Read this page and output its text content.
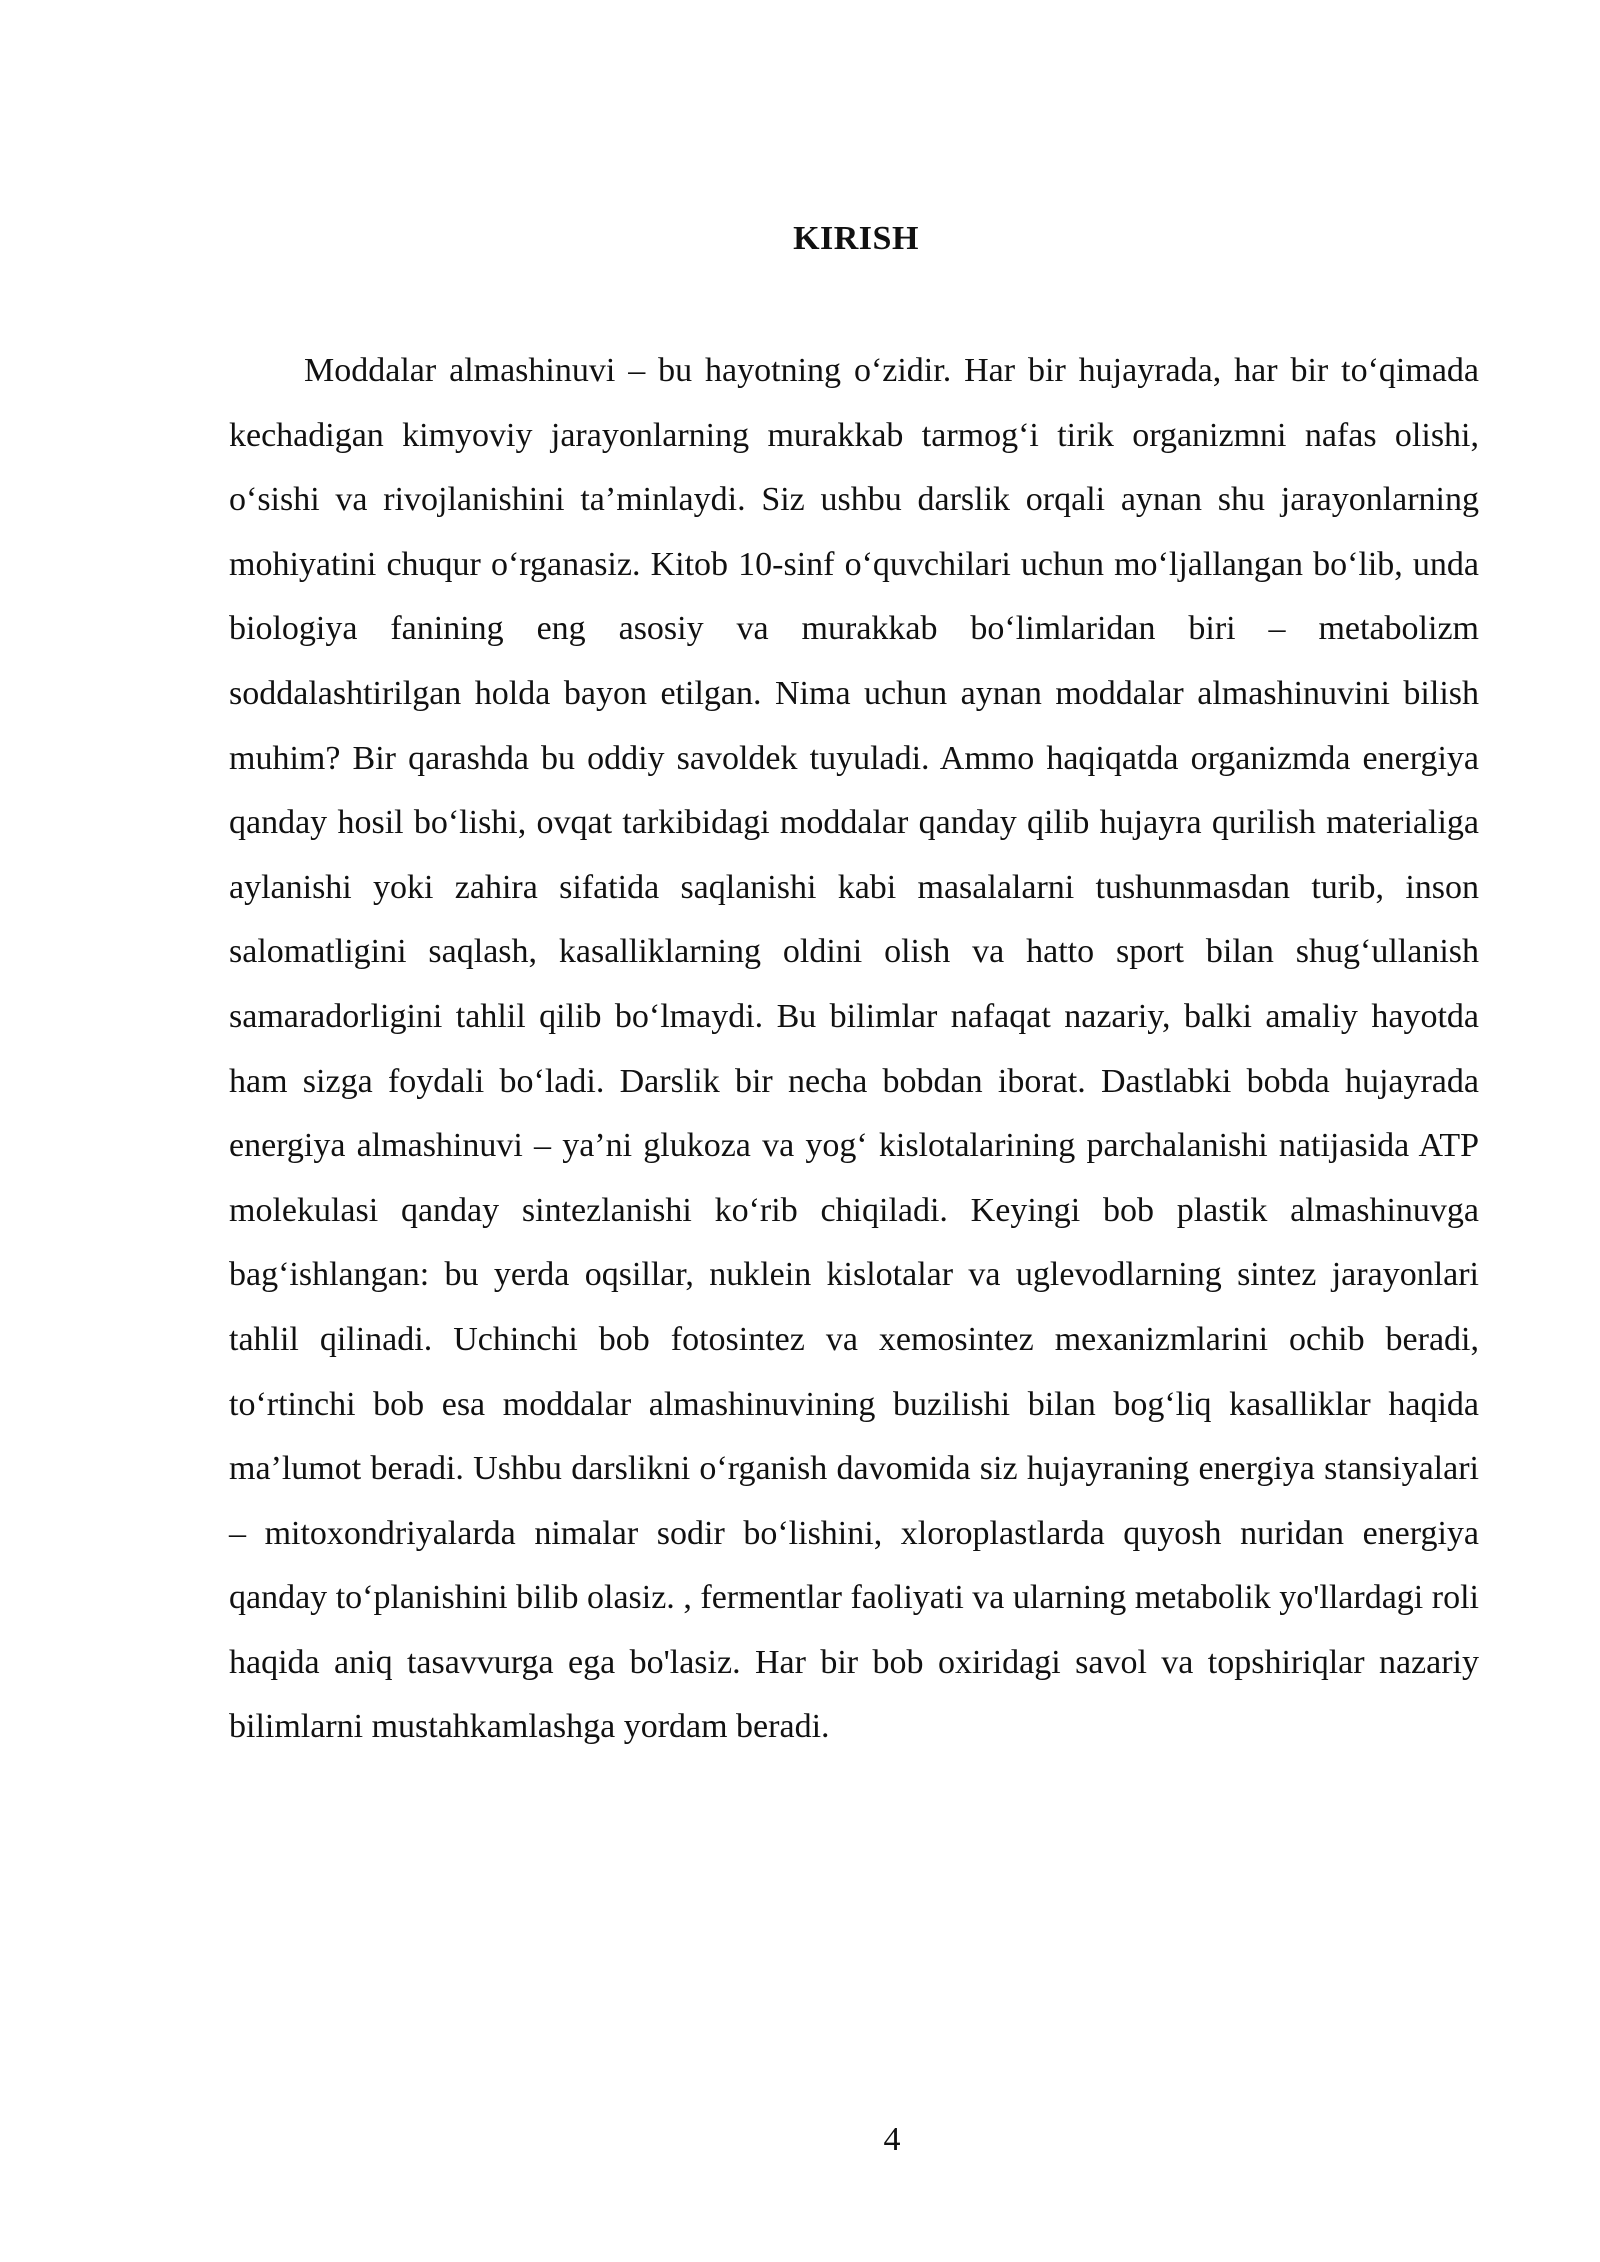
KIRISH

Moddalar almashinuvi – bu hayotning o‘zidir. Har bir hujayrada, har bir to‘qimada kechadigan kimyoviy jarayonlarning murakkab tarmog‘i tirik organizmni nafas olishi, o‘sishi va rivojlanishini ta’minlaydi. Siz ushbu darslik orqali aynan shu jarayonlarning mohiyatini chuqur o‘rganasiz. Kitob 10-sinf o‘quvchilari uchun mo‘ljallangan bo‘lib, unda biologiya fanining eng asosiy va murakkab bo‘limlaridan biri – metabolizm soddalashtirilgan holda bayon etilgan. Nima uchun aynan moddalar almashinuvini bilish muhim? Bir qarashda bu oddiy savoldek tuyuladi. Ammo haqiqatda organizmda energiya qanday hosil bo‘lishi, ovqat tarkibidagi moddalar qanday qilib hujayra qurilish materialiga aylanishi yoki zahira sifatida saqlanishi kabi masalalarni tushunmasdan turib, inson salomatligini saqlash, kasalliklarning oldini olish va hatto sport bilan shug‘ullanish samaradorligini tahlil qilib bo‘lmaydi. Bu bilimlar nafaqat nazariy, balki amaliy hayotda ham sizga foydali bo‘ladi. Darslik bir necha bobdan iborat. Dastlabki bobda hujayrada energiya almashinuvi – ya’ni glukoza va yog‘ kislotalarining parchalanishi natijasida ATP molekulasi qanday sintezlanishi ko‘rib chiqiladi. Keyingi bob plastik almashinuvga bag‘ishlangan: bu yerda oqsillar, nuklein kislotalar va uglevodlarning sintez jarayonlari tahlil qilinadi. Uchinchi bob fotosintez va xemosintez mexanizmlarini ochib beradi, to‘rtinchi bob esa moddalar almashinuvining buzilishi bilan bog‘liq kasalliklar haqida ma’lumot beradi. Ushbu darslikni o‘rganish davomida siz hujayraning energiya stansiyalari – mitoxondriyalarda nimalar sodir bo‘lishini, xloroplastlarda quyosh nuridan energiya qanday to‘planishini bilib olasiz. , fermentlar faoliyati va ularning metabolik yo'llardagi roli haqida aniq tasavvurga ega bo'lasiz. Har bir bob oxiridagi savol va topshiriqlar nazariy bilimlarni mustahkamlashga yordam beradi.

4
